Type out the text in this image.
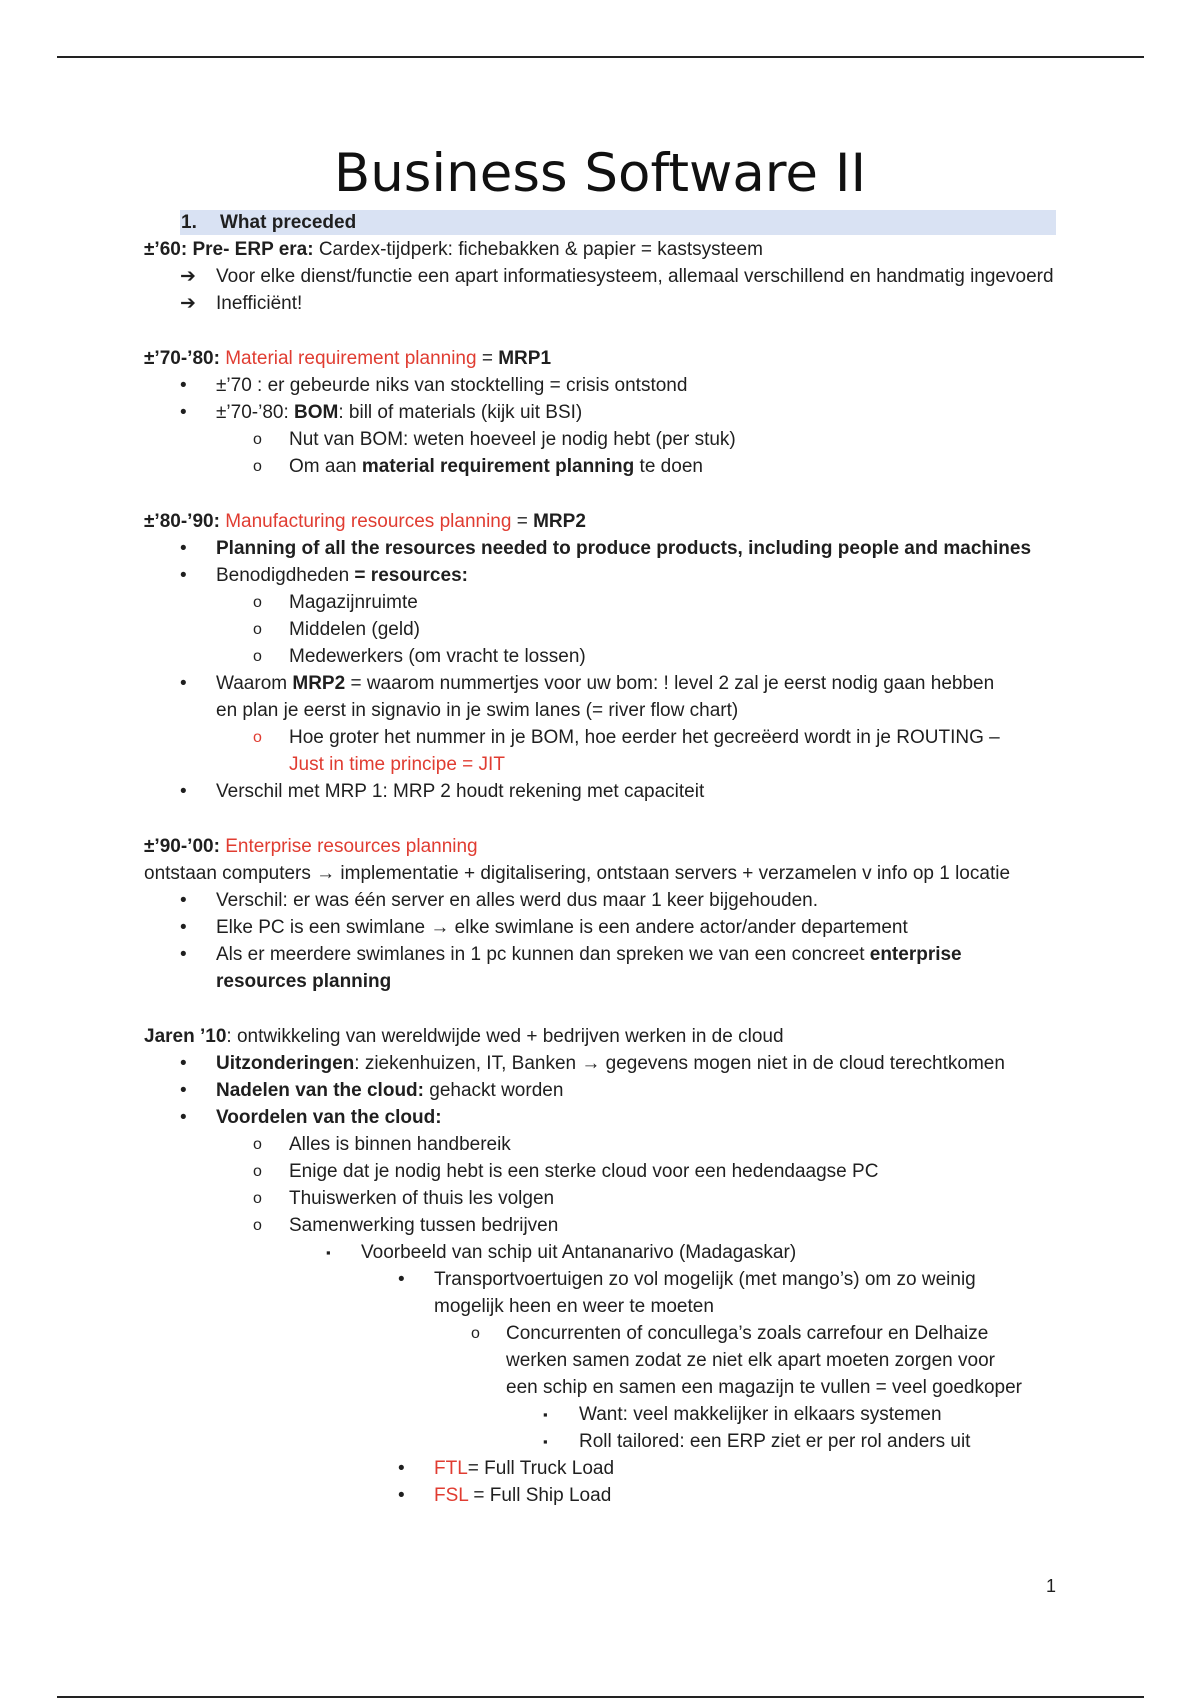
Business Software II
1. What preceded
±’60: Pre- ERP era: Cardex-tijdperk: fichebakken & papier = kastsysteem
➔ Voor elke dienst/functie een apart informatiesysteem, allemaal verschillend en handmatig ingevoerd
➔ Inefficiënt!
±’70-’80: Material requirement planning = MRP1
• ±’70 : er gebeurde niks van stocktelling = crisis ontstond
• ±’70-’80: BOM: bill of materials (kijk uit BSI)
o Nut van BOM: weten hoeveel je nodig hebt (per stuk)
o Om aan material requirement planning te doen
±’80-’90: Manufacturing resources planning = MRP2
• Planning of all the resources needed to produce products, including people and machines
• Benodigdheden = resources:
o Magazijnruimte
o Middelen (geld)
o Medewerkers (om vracht te lossen)
• Waarom MRP2 = waarom nummertjes voor uw bom: ! level 2 zal je eerst nodig gaan hebben
en plan je eerst in signavio in je swim lanes (= river flow chart)
o Hoe groter het nummer in je BOM, hoe eerder het gecreëerd wordt in je ROUTING –
Just in time principe = JIT
• Verschil met MRP 1: MRP 2 houdt rekening met capaciteit
±’90-’00: Enterprise resources planning
ontstaan computers → implementatie + digitalisering, ontstaan servers + verzamelen v info op 1 locatie
• Verschil: er was één server en alles werd dus maar 1 keer bijgehouden.
• Elke PC is een swimlane → elke swimlane is een andere actor/ander departement
• Als er meerdere swimlanes in 1 pc kunnen dan spreken we van een concreet enterprise
resources planning
Jaren ’10: ontwikkeling van wereldwijde wed + bedrijven werken in de cloud
• Uitzonderingen: ziekenhuizen, IT, Banken → gegevens mogen niet in de cloud terechtkomen
• Nadelen van the cloud: gehackt worden
• Voordelen van the cloud:
o Alles is binnen handbereik
o Enige dat je nodig hebt is een sterke cloud voor een hedendaagse PC
o Thuiswerken of thuis les volgen
o Samenwerking tussen bedrijven
▪ Voorbeeld van schip uit Antananarivo (Madagaskar)
• Transportvoertuigen zo vol mogelijk (met mango’s) om zo weinig
mogelijk heen en weer te moeten
o Concurrenten of concullega’s zoals carrefour en Delhaize
werken samen zodat ze niet elk apart moeten zorgen voor
een schip en samen een magazijn te vullen = veel goedkoper
▪ Want: veel makkelijker in elkaars systemen
▪ Roll tailored: een ERP ziet er per rol anders uit
• FTL= Full Truck Load
• FSL = Full Ship Load
1
